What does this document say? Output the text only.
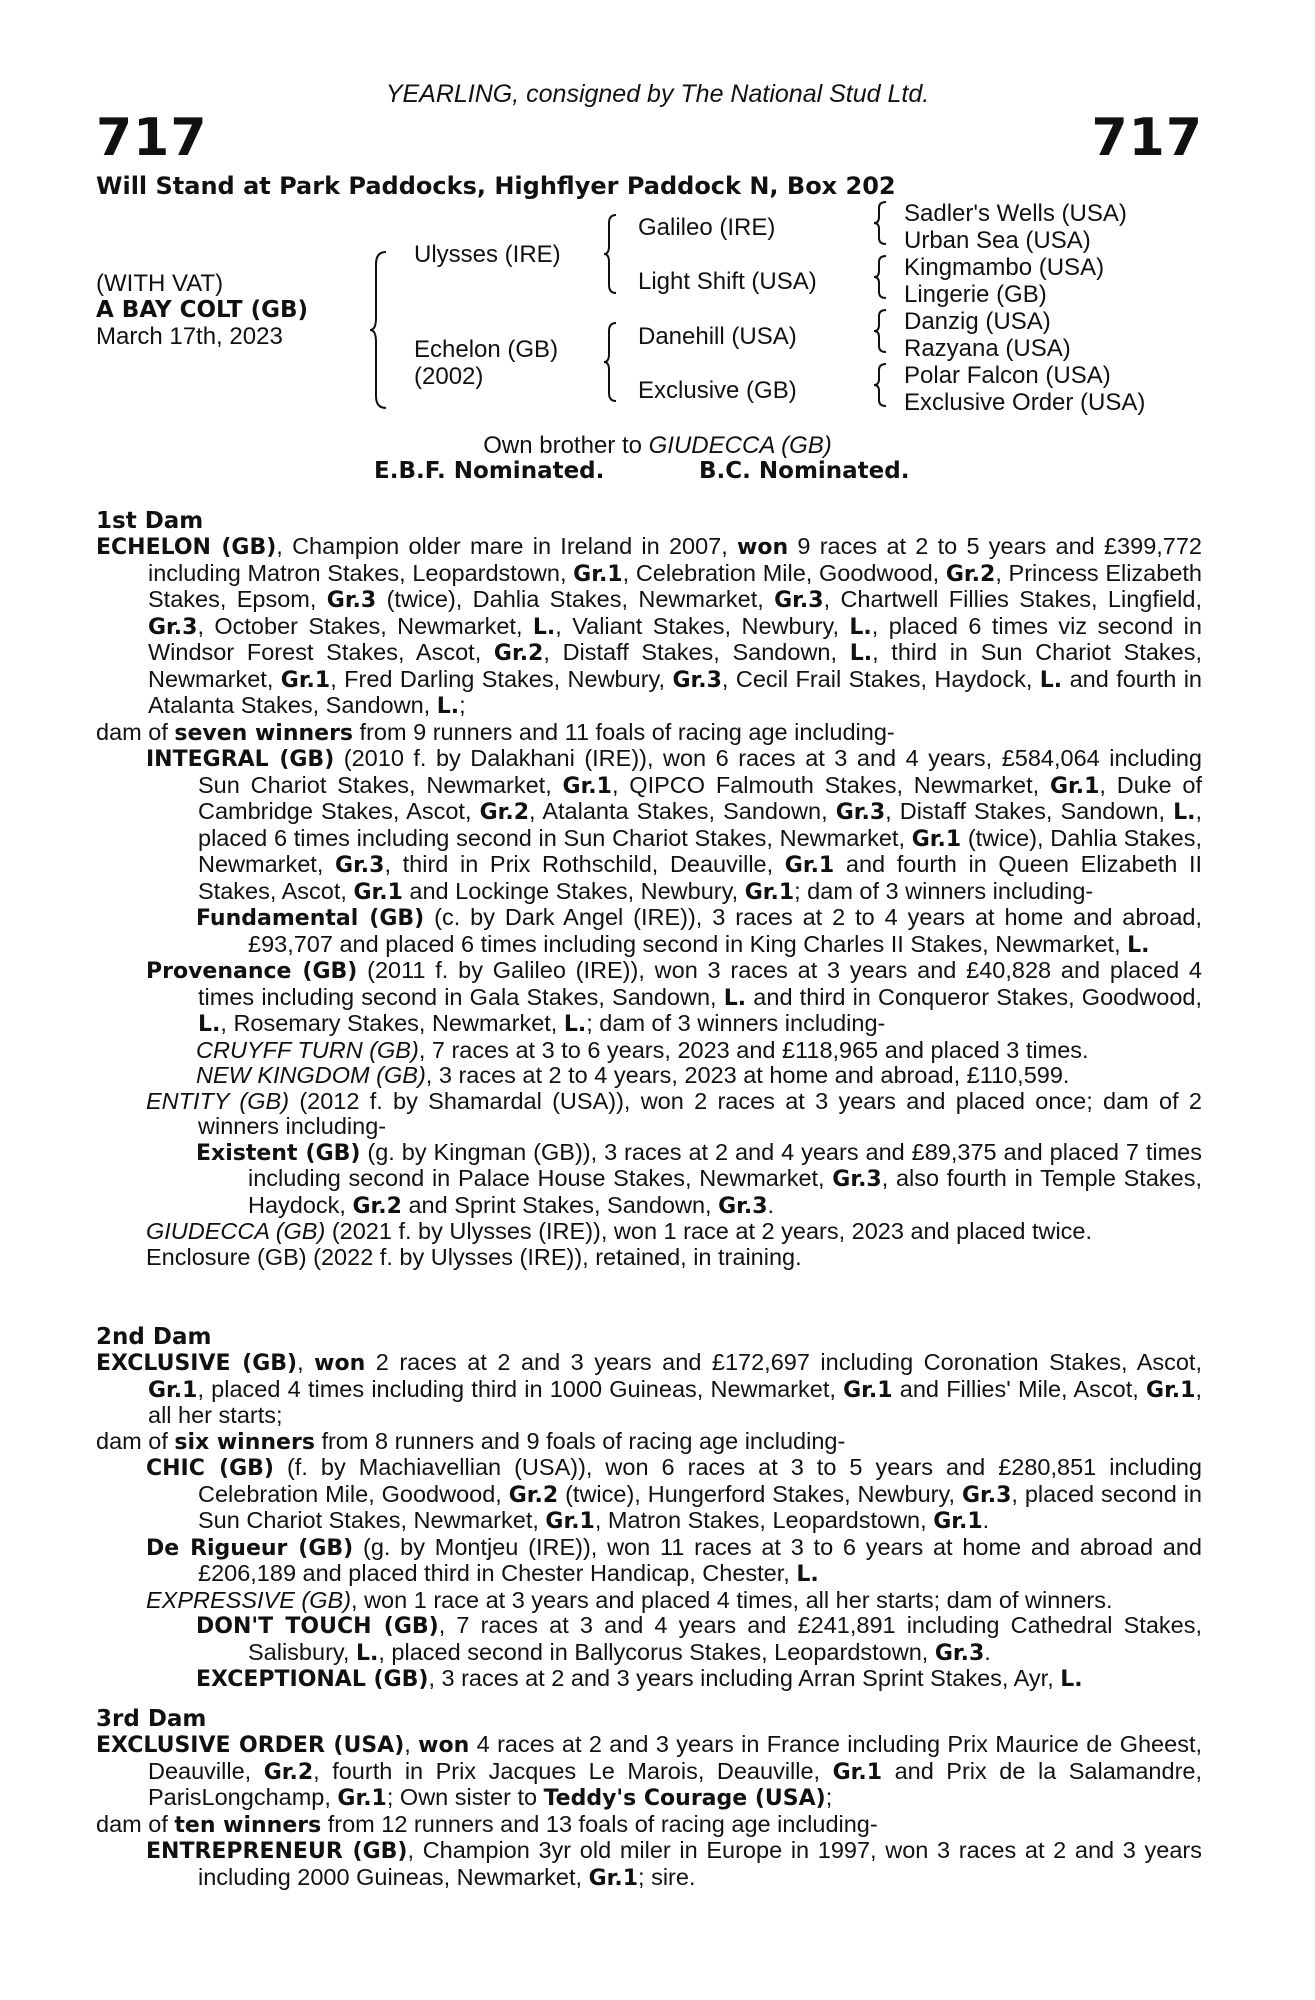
YEARLING, consigned by The National Stud Ltd.
717	717
Will Stand at Park Paddocks, Highflyer Paddock N, Box 202
(WITH VAT)
A BAY COLT (GB)
March 17th, 2023
Ulysses (IRE)
Echelon (GB)
(2002)
Galileo (IRE)
Light Shift (USA)
Danehill (USA)
Exclusive (GB)
Sadler's Wells (USA)
Urban Sea (USA)
Kingmambo (USA)
Lingerie (GB)
Danzig (USA)
Razyana (USA)
Polar Falcon (USA)
Exclusive Order (USA)
Own brother to GIUDECCA (GB)
E.B.F. Nominated.	B.C. Nominated.
1st Dam

ECHELON (GB), Champion older mare in Ireland in 2007, won 9 races at 2 to 5 years and £399,772 including Matron Stakes, Leopardstown, Gr.1, Celebration Mile, Goodwood, Gr.2, Princess Elizabeth Stakes, Epsom, Gr.3 (twice), Dahlia Stakes, Newmarket, Gr.3, Chartwell Fillies Stakes, Lingfield, Gr.3, October Stakes, Newmarket, L., Valiant Stakes, Newbury, L., placed 6 times viz second in Windsor Forest Stakes, Ascot, Gr.2, Distaff Stakes, Sandown, L., third in Sun Chariot Stakes, Newmarket, Gr.1, Fred Darling Stakes, Newbury, Gr.3, Cecil Frail Stakes, Haydock, L. and fourth in Atalanta Stakes, Sandown, L.;

dam of seven winners from 9 runners and 11 foals of racing age including-

INTEGRAL (GB) (2010 f. by Dalakhani (IRE)), won 6 races at 3 and 4 years, £584,064 including Sun Chariot Stakes, Newmarket, Gr.1, QIPCO Falmouth Stakes, Newmarket, Gr.1, Duke of Cambridge Stakes, Ascot, Gr.2, Atalanta Stakes, Sandown, Gr.3, Distaff Stakes, Sandown, L., placed 6 times including second in Sun Chariot Stakes, Newmarket, Gr.1 (twice), Dahlia Stakes, Newmarket, Gr.3, third in Prix Rothschild, Deauville, Gr.1 and fourth in Queen Elizabeth II Stakes, Ascot, Gr.1 and Lockinge Stakes, Newbury, Gr.1; dam of 3 winners including-

Fundamental (GB) (c. by Dark Angel (IRE)), 3 races at 2 to 4 years at home and abroad, £93,707 and placed 6 times including second in King Charles II Stakes, Newmarket, L.

Provenance (GB) (2011 f. by Galileo (IRE)), won 3 races at 3 years and £40,828 and placed 4 times including second in Gala Stakes, Sandown, L. and third in Conqueror Stakes, Goodwood, L., Rosemary Stakes, Newmarket, L.; dam of 3 winners including-

CRUYFF TURN (GB), 7 races at 3 to 6 years, 2023 and £118,965 and placed 3 times.

NEW KINGDOM (GB), 3 races at 2 to 4 years, 2023 at home and abroad, £110,599.

ENTITY (GB) (2012 f. by Shamardal (USA)), won 2 races at 3 years and placed once; dam of 2 winners including-

Existent (GB) (g. by Kingman (GB)), 3 races at 2 and 4 years and £89,375 and placed 7 times including second in Palace House Stakes, Newmarket, Gr.3, also fourth in Temple Stakes, Haydock, Gr.2 and Sprint Stakes, Sandown, Gr.3.

GIUDECCA (GB) (2021 f. by Ulysses (IRE)), won 1 race at 2 years, 2023 and placed twice.

Enclosure (GB) (2022 f. by Ulysses (IRE)), retained, in training.

2nd Dam

EXCLUSIVE (GB), won 2 races at 2 and 3 years and £172,697 including Coronation Stakes, Ascot, Gr.1, placed 4 times including third in 1000 Guineas, Newmarket, Gr.1 and Fillies' Mile, Ascot, Gr.1, all her starts;

dam of six winners from 8 runners and 9 foals of racing age including-

CHIC (GB) (f. by Machiavellian (USA)), won 6 races at 3 to 5 years and £280,851 including Celebration Mile, Goodwood, Gr.2 (twice), Hungerford Stakes, Newbury, Gr.3, placed second in Sun Chariot Stakes, Newmarket, Gr.1, Matron Stakes, Leopardstown, Gr.1.

De Rigueur (GB) (g. by Montjeu (IRE)), won 11 races at 3 to 6 years at home and abroad and £206,189 and placed third in Chester Handicap, Chester, L.

EXPRESSIVE (GB), won 1 race at 3 years and placed 4 times, all her starts; dam of winners.

DON'T TOUCH (GB), 7 races at 3 and 4 years and £241,891 including Cathedral Stakes, Salisbury, L., placed second in Ballycorus Stakes, Leopardstown, Gr.3.

EXCEPTIONAL (GB), 3 races at 2 and 3 years including Arran Sprint Stakes, Ayr, L.

3rd Dam

EXCLUSIVE ORDER (USA), won 4 races at 2 and 3 years in France including Prix Maurice de Gheest, Deauville, Gr.2, fourth in Prix Jacques Le Marois, Deauville, Gr.1 and Prix de la Salamandre, ParisLongchamp, Gr.1; Own sister to Teddy's Courage (USA);

dam of ten winners from 12 runners and 13 foals of racing age including-

ENTREPRENEUR (GB), Champion 3yr old miler in Europe in 1997, won 3 races at 2 and 3 years including 2000 Guineas, Newmarket, Gr.1; sire.
